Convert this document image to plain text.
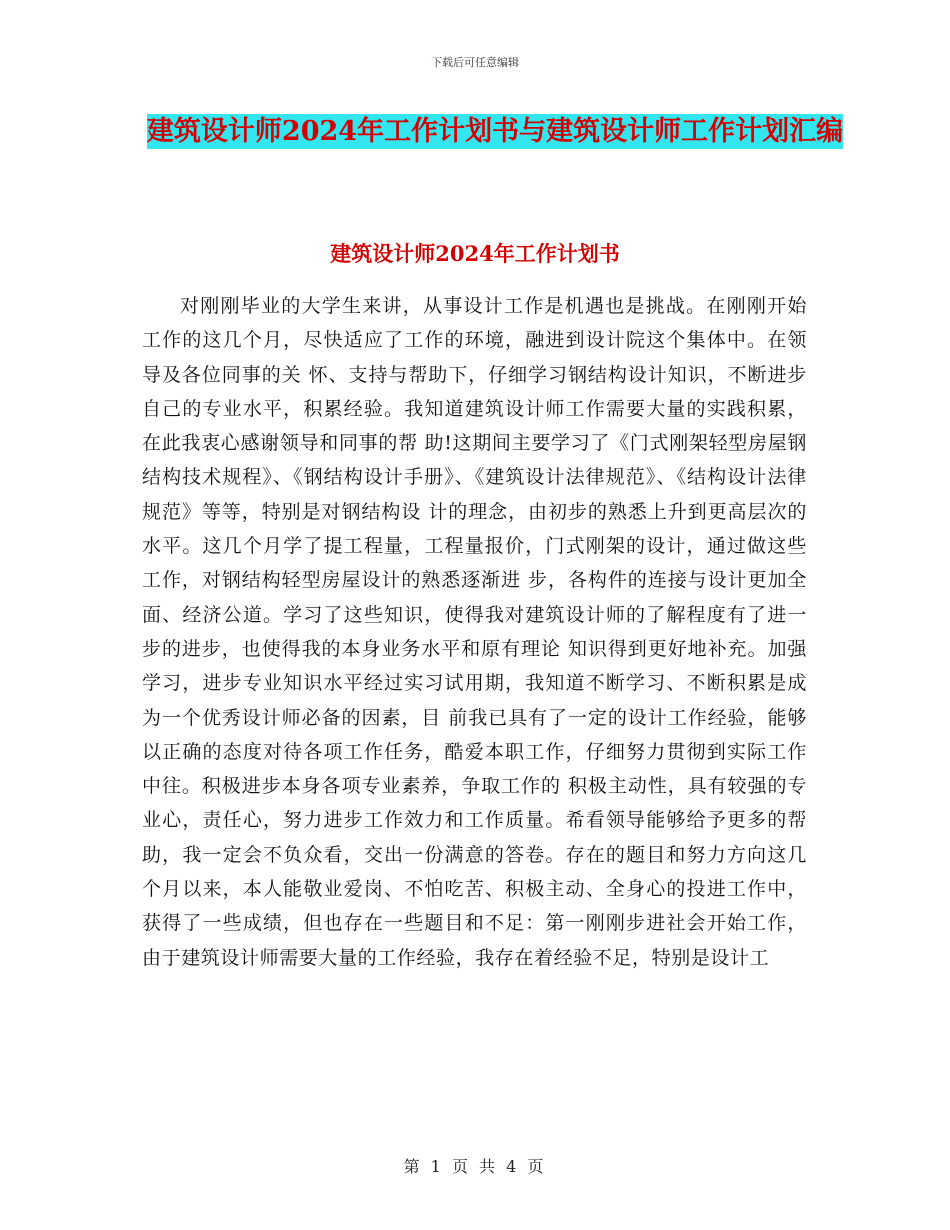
下载后可任意编辑
建筑设计师2024年工作计划书与建筑设计师工作计划汇编
建筑设计师2024年工作计划书

对刚刚毕业的大学生来讲，从事设计工作是机遇也是挑战。在刚刚开始工作的这几个月，尽快适应了工作的环境，融进到设计院这个集体中。在领导及各位同事的关 怀、支持与帮助下，仔细学习钢结构设计知识，不断进步自己的专业水平，积累经验。我知道建筑设计师工作需要大量的实践积累，在此我衷心感谢领导和同事的帮 助!这期间主要学习了《门式刚架轻型房屋钢结构技术规程》、《钢结构设计手册》、《建筑设计法律规范》、《结构设计法律规范》等等，特别是对钢结构设 计的理念，由初步的熟悉上升到更高层次的水平。这几个月学了提工程量，工程量报价，门式刚架的设计，通过做这些工作，对钢结构轻型房屋设计的熟悉逐渐进 步，各构件的连接与设计更加全面、经济公道。学习了这些知识，使得我对建筑设计师的了解程度有了进一步的进步，也使得我的本身业务水平和原有理论 知识得到更好地补充。加强学习，进步专业知识水平经过实习试用期，我知道不断学习、不断积累是成为一个优秀设计师必备的因素，目 前我已具有了一定的设计工作经验，能够以正确的态度对待各项工作任务，酷爱本职工作，仔细努力贯彻到实际工作中往。积极进步本身各项专业素养，争取工作的 积极主动性，具有较强的专业心，责任心，努力进步工作效力和工作质量。希看领导能够给予更多的帮助，我一定会不负众看，交出一份满意的答卷。存在的题目和努力方向这几个月以来，本人能敬业爱岗、不怕吃苦、积极主动、全身心的投进工作中，获得了一些成绩，但也存在一些题目和不足：第一刚刚步进社会开始工作，由于建筑设计师需要大量的工作经验，我存在着经验不足，特别是设计工

第 1 页 共 4 页
